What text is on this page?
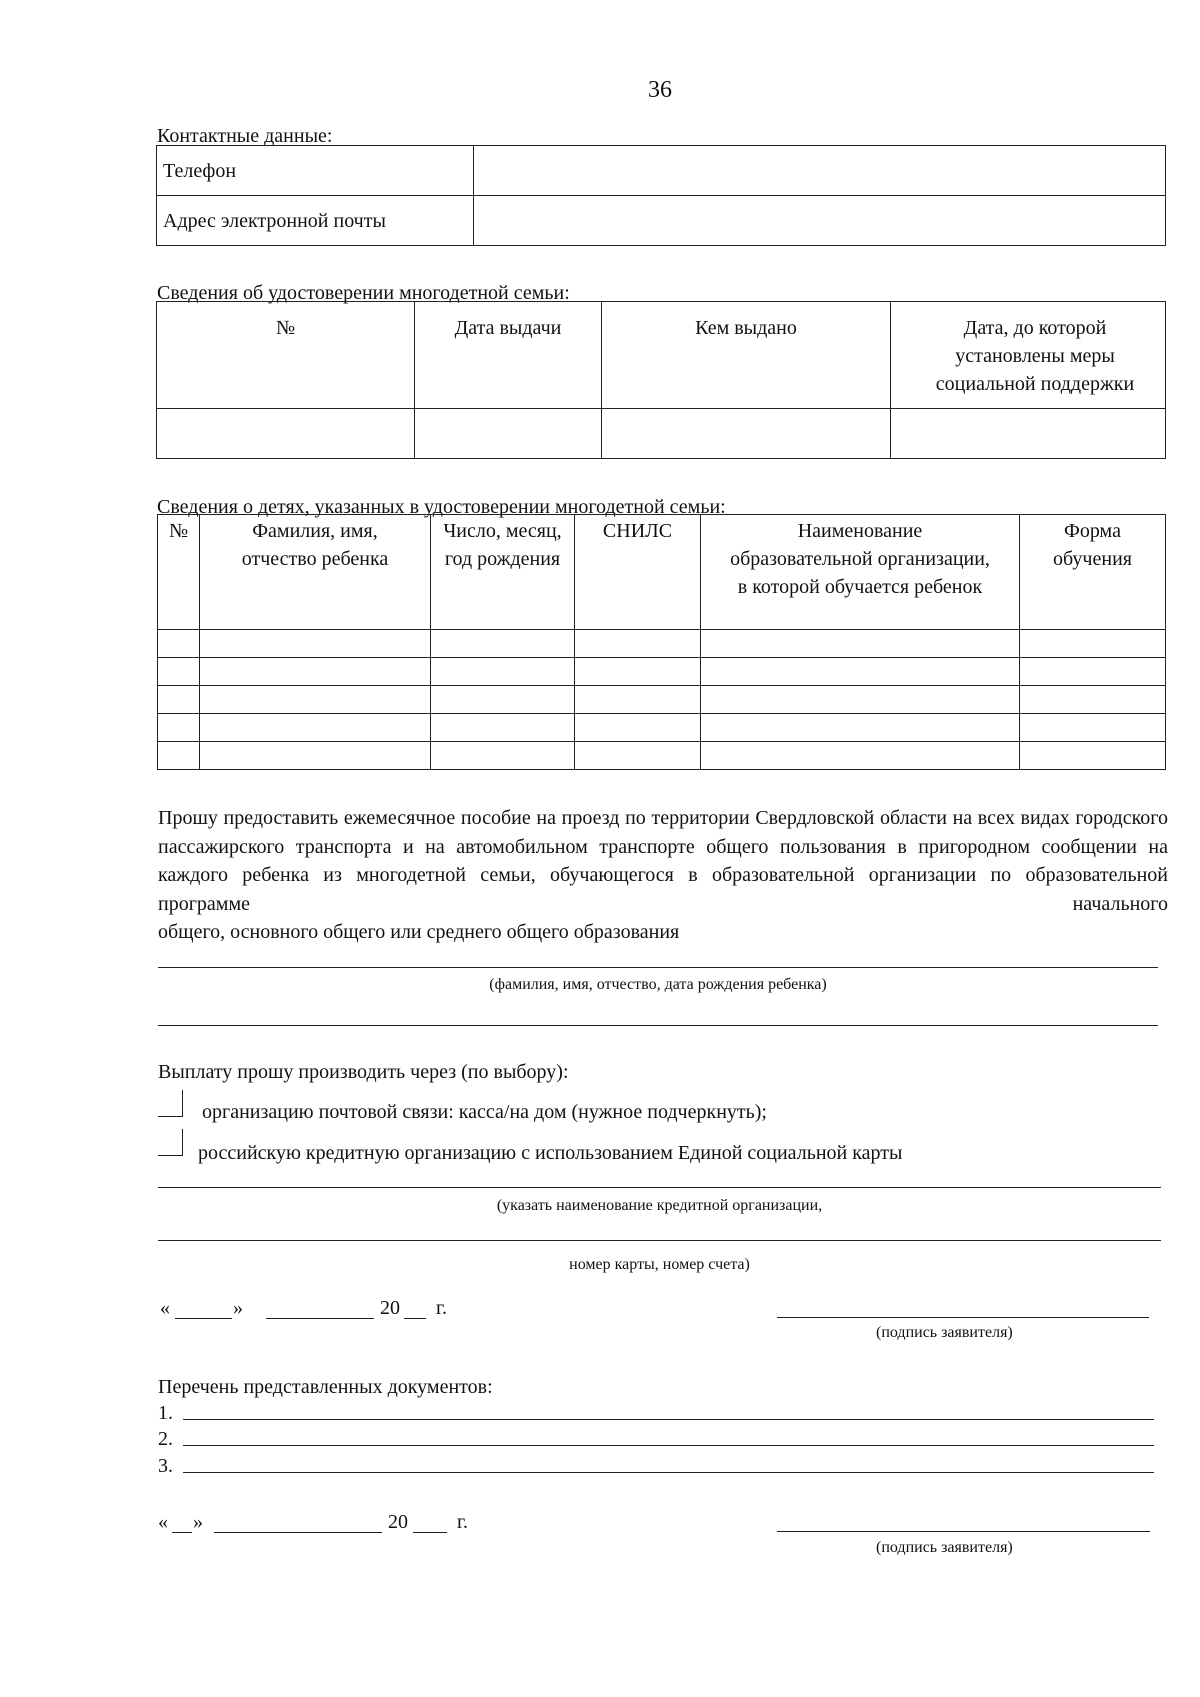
36
Контактные данные:
Телефон	

Адрес электронной почты	

Сведения об удостоверении многодетной семьи:
№	Дата выдачи	Кем выдано	Дата, до которой установлены меры социальной поддержки

Сведения о детях, указанных в удостоверении многодетной семьи:
№	Фамилия, имя, отчество ребенка	Число, месяц, год рождения	СНИЛС	Наименование образовательной организации, в которой обучается ребенок	Форма обучения

Прошу предоставить ежемесячное пособие на проезд по территории Свердловской области на всех видах городского пассажирского транспорта и на автомобильном транспорте общего пользования в пригородном сообщении на каждого ребенка из многодетной семьи, обучающегося в образовательной организации по образовательной программе начального
общего, основного общего или среднего общего образования
(фамилия, имя, отчество, дата рождения ребенка)
Выплату прошу производить через (по выбору):
организацию почтовой связи: касса/на дом (нужное подчеркнуть);
российскую кредитную организацию с использованием Единой социальной карты
(указать наименование кредитной организации,
номер карты, номер счета)
«	»	20 г.
(подпись заявителя)
Перечень представленных документов:
1.
2.
3.
« »	20 г.
(подпись заявителя)
